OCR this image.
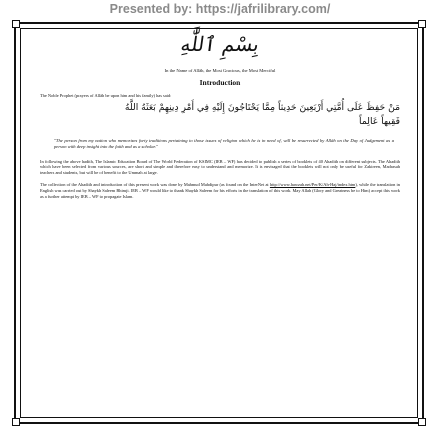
Presented by: https://jafrilibrary.com/
بِسْمِ ٱللَّٰهِ
In the Name of Allāh, the Most Gracious, the Most Merciful
Introduction
The Noble Prophet (prayers of Allāh be upon him and his family) has said:
مَنْ حَفِظَ عَلَى أُمَّتِي أَرْبَعِينَ حَدِيثاً مِمَّا يَحْتَاجُونَ إِلَيْهِ فِي أَمْرِ دِينِهِمْ بَعَثَهُ اللَّهُ
فَقِيهاً عَالِماً
"The person from my nation who memorizes forty traditions pertaining to those issues of religion which he is in need of, will be resurrected by Allāh on the Day of Judgement as a person with deep insight into the faith and as a scholar."
In following the above hadith, The Islamic Education Board of The World Federation of KSIMC (IEB – WF) has decided to publish a series of booklets of 40 Ahadith on different subjects. The Ahadith which have been selected from various sources, are short and simple and therefore easy to understand and memorize. It is envisaged that the booklets will not only be useful for Zakireen, Madrasah teachers and students, but will be of benefit to the Ummah at large.
The collection of the Ahadith and introduction of this present work was done by Mahmud Mahdipur (as found on the InterNet at http://www.hawzah.net/Per/K/Ah-Haj/index.htm), while the translation in English was carried out by Shaykh Saleem Bhimji. IEB – WF would like to thank Shaykh Saleem for his efforts in the translation of this work. May Allah (Glory and Greatness be to Him) accept this work as a further attempt by IEB – WF to propagate Islam.
